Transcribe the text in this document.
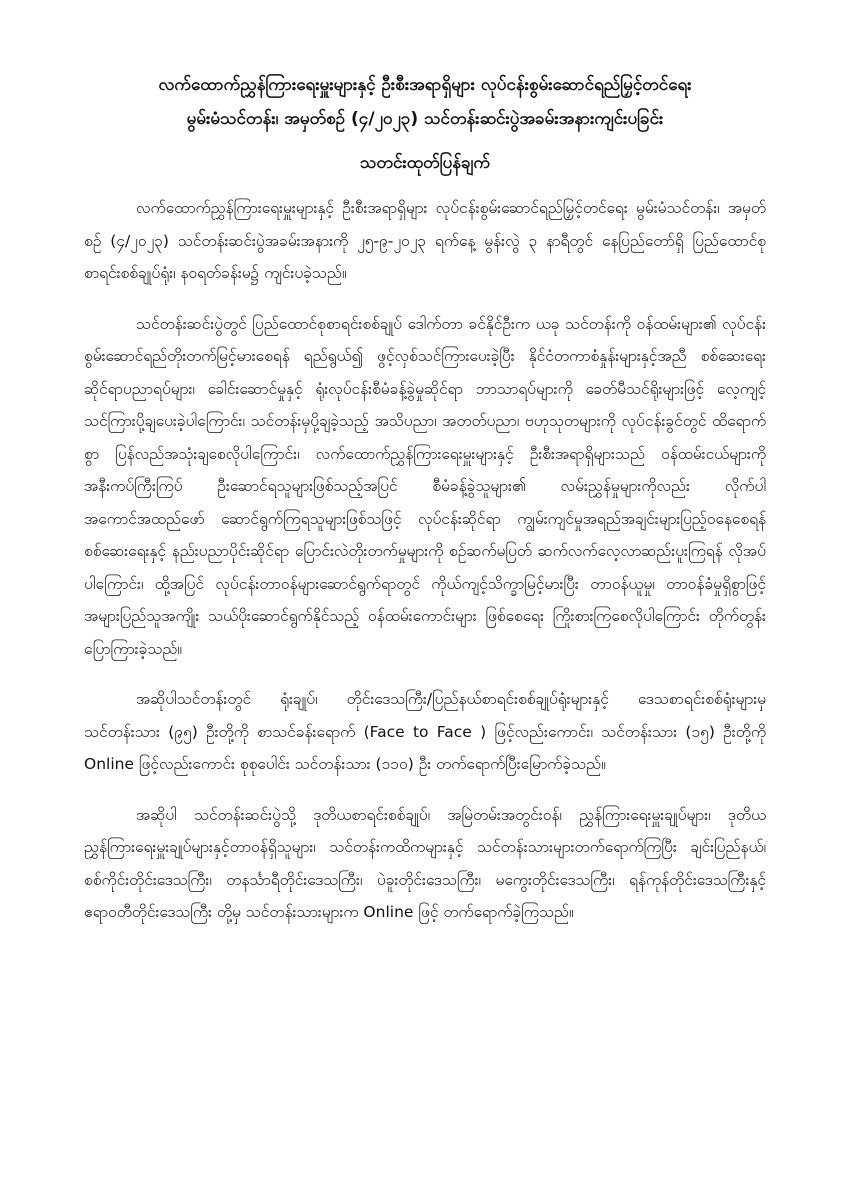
လက်ထောက်ညွှန်ကြားရေးမှူးများနှင့် ဦးစီးအရာရှိများ လုပ်ငန်းစွမ်းဆောင်ရည်မြှင့်တင်ရေး
မွမ်းမံသင်တန်း၊ အမှတ်စဉ် (၄/၂၀၂၃) သင်တန်းဆင်းပွဲအခမ်းအနားကျင်းပခြင်း
သတင်းထုတ်ပြန်ချက်

လက်ထောက်ညွှန်ကြားရေးမှူးများနှင့် ဦးစီးအရာရှိများ လုပ်ငန်းစွမ်းဆောင်ရည်မြှင့်တင်ရေး မွမ်းမံသင်တန်း၊ အမှတ်စဉ် (၄/၂၀၂၃) သင်တန်းဆင်းပွဲအခမ်းအနားကို ၂၅-၉-၂၀၂၃ ရက်နေ့ မွန်းလွဲ ၃ နာရီတွင် နေပြည်တော်ရှိ ပြည်ထောင်စုစာရင်းစစ်ချုပ်ရုံး၊ နဝရတ်ခန်းမ၌ ကျင်းပခဲ့သည်။

သင်တန်းဆင်းပွဲတွင် ပြည်ထောင်စုစာရင်းစစ်ချုပ် ဒေါက်တာ ခင်နိုင်ဦးက ယခု သင်တန်းကို ဝန်ထမ်းများ၏ လုပ်ငန်းစွမ်းဆောင်ရည်တိုးတက်မြင့်မားစေရန် ရည်ရွယ်၍ ဖွင့်လှစ်သင်ကြားပေးခဲ့ပြီး နိုင်ငံတကာစံနှုန်းများနှင့်အညီ စစ်ဆေးရေးဆိုင်ရာပညာရပ်များ၊ ခေါင်းဆောင်မှုနှင့် ရုံးလုပ်ငန်းစီမံခန့်ခွဲမှုဆိုင်ရာ ဘာသာရပ်များကို ခေတ်မီသင်ရိုးများဖြင့် လေ့ကျင့်သင်ကြားပို့ချပေးခဲ့ပါကြောင်း၊ သင်တန်းမှပို့ချခဲ့သည့် အသိပညာ၊ အတတ်ပညာ၊ ဗဟုသုတများကို လုပ်ငန်းခွင်တွင် ထိရောက်စွာ ပြန်လည်အသုံးချစေလိုပါကြောင်း၊ လက်ထောက်ညွှန်ကြားရေးမှူးများနှင့် ဦးစီးအရာရှိများသည် ဝန်ထမ်းငယ်များကို အနီးကပ်ကြီးကြပ် ဦးဆောင်ရသူများဖြစ်သည့်အပြင် စီမံခန့်ခွဲသူများ၏ လမ်းညွှန်မှုများကိုလည်း လိုက်ပါအကောင်အထည်ဖော် ဆောင်ရွက်ကြရသူများဖြစ်သဖြင့် လုပ်ငန်းဆိုင်ရာ ကျွမ်းကျင်မှုအရည်အချင်းများပြည့်ဝနေစေရန် စစ်ဆေးရေးနှင့် နည်းပညာပိုင်းဆိုင်ရာ ပြောင်းလဲတိုးတက်မှုများကို စဉ်ဆက်မပြတ် ဆက်လက်လေ့လာဆည်းပူးကြရန် လိုအပ်ပါကြောင်း၊ ထို့အပြင် လုပ်ငန်းတာဝန်များဆောင်ရွက်ရာတွင် ကိုယ်ကျင့်သိက္ခာမြင့်မားပြီး တာဝန်ယူမှု၊ တာဝန်ခံမှုရှိစွာဖြင့် အများပြည်သူအကျိုး သယ်ပိုးဆောင်ရွက်နိုင်သည့် ဝန်ထမ်းကောင်းများ ဖြစ်စေရေး ကြိုးစားကြစေလိုပါကြောင်း တိုက်တွန်းပြောကြားခဲ့သည်။

အဆိုပါသင်တန်းတွင် ရုံးချုပ်၊ တိုင်းဒေသကြီး/ပြည်နယ်စာရင်းစစ်ချုပ်ရုံးများနှင့် ဒေသစာရင်းစစ်ရုံးများမှ သင်တန်းသား (၉၅) ဦးတို့ကို စာသင်ခန်းရောက် (Face to Face ) ဖြင့်လည်းကောင်း၊ သင်တန်းသား (၁၅) ဦးတို့ကို Online ဖြင့်လည်းကောင်း စုစုပေါင်း သင်တန်းသား (၁၁၀) ဦး တက်ရောက်ပြီးမြောက်ခဲ့သည်။

အဆိုပါ သင်တန်းဆင်းပွဲသို့ ဒုတိယစာရင်းစစ်ချုပ်၊ အမြဲတမ်းအတွင်းဝန်၊ ညွှန်ကြားရေးမှူးချုပ်များ၊ ဒုတိယညွှန်ကြားရေးမှူးချုပ်များနှင့်တာဝန်ရှိသူများ၊ သင်တန်းကထိကများနှင့် သင်တန်းသားများတက်ရောက်ကြပြီး ချင်းပြည်နယ်၊ စစ်ကိုင်းတိုင်းဒေသကြီး၊ တနင်္သာရီတိုင်းဒေသကြီး၊ ပဲခူးတိုင်းဒေသကြီး၊ မကွေးတိုင်းဒေသကြီး၊ ရန်ကုန်တိုင်းဒေသကြီးနှင့် ဧရာဝတီတိုင်းဒေသကြီး တို့မှ သင်တန်းသားများက Online ဖြင့် တက်ရောက်ခဲ့ကြသည်။
